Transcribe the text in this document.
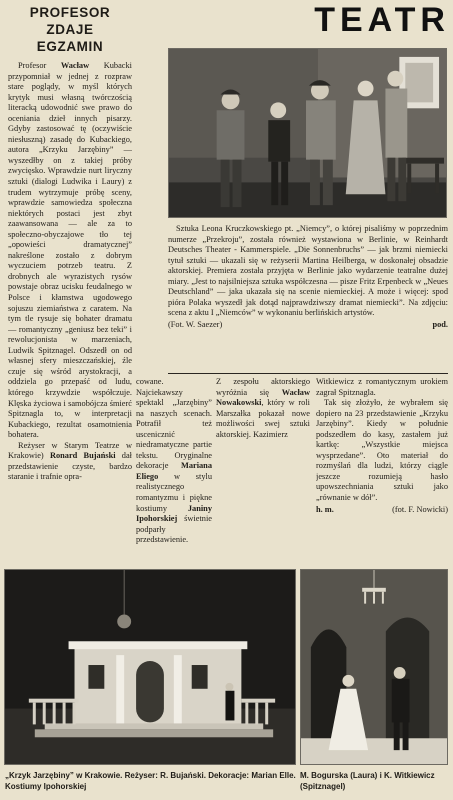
PROFESOR ZDAJE
EGZAMIN

Profesor Wacław Kubacki przypomniał w jednej z rozpraw stare poglądy, w myśl których krytyk musi własną twórczością literacką udowodnić swe prawo do oceniania dzieł innych pisarzy. Gdyby zastosować tę (oczywiście niesłuszną) zasadę do Kubackiego, autora „Krzyku Jarzębiny” — wyszedłby on z takiej próby zwycięsko. Wprawdzie nurt liryczny sztuki (dialogi Ludwika i Laury) z trudem wytrzymuje próbę sceny, wprawdzie samowiedza społeczna niektórych postaci jest zbyt zaawansowana — ale za to społeczno-obyczajowe tło tej „opowieści dramatycznej” nakreślone zostało z dobrym wyczuciem potrzeb teatru. Z drobnych ale wyrazistych rysów powstaje obraz ucisku feudalnego w Polsce i kłamstwa ugodowego sojuszu ziemiaństwa z caratem. Na tym tle rysuje się bohater dramatu — romantyczny „geniusz bez teki” i rewolucjonista w marzeniach, Ludwik Spitznagel. Odszedł on od własnej sfery mieszczańskiej, źle czuje się wśród arystokracji, a oddziela go przepaść od ludu, którego krzywdzie współczuje. Klęska życiowa i samobójcza śmierć Spitznagla to, w interpretacji Kubackiego, rezultat osamotnienia bohatera.

Reżyser w Starym Teatrze w Krakowie) Ronard Bujański dał przedstawienie czyste, bardzo staranie i trafnie opra-

TEATR

Sztuka Leona Kruczkowskiego pt. „Niemcy”, o której pisaliśmy w poprzednim numerze „Przekroju”, została również wystawiona w Berlinie, w Reinhardt Deutsches Theater - Kammerspiele. „Die Sonnenbruchs” — jak brzmi niemiecki tytuł sztuki — ukazali się w reżyserii Martina Heilberga, w doskonałej obsadzie aktorskiej. Premiera została przyjęta w Berlinie jako wydarzenie teatralne dużej miary. „Jest to najsilniejsza sztuka współczesna — pisze Fritz Erpenbeck w „Neues Deutschland” — jaka ukazała się na scenie niemieckiej. A może i więcej: spod pióra Polaka wyszedł jak dotąd najprawdziwszy dramat niemiecki”. Na zdjęciu: scena z aktu I „Niemców” w wykonaniu berlińskich artystów.

(Fot. W. Saezer)	pod.
cowane. Najciekawszy spektakl „Jarzębiny” na naszych scenach. Potrafił też uscenicznić niedramatyczne partie tekstu. Oryginalne dekoracje Mariana Eliego w stylu realistycznego romantyzmu i piękne kostiumy Janiny Ipohorskiej świetnie podparły przedstawienie.
Z zespołu aktorskiego wyróżnia się Wacław Nowakowski, który w roli Marszałka pokazał nowe możliwości swej sztuki aktorskiej. Kazimierz

Witkiewicz z romantycznym urokiem zagrał Spitznagla.

Tak się złożyło, że wybrałem się dopiero na 23 przedstawienie „Krzyku Jarzębiny”. Kiedy w południe podszedłem do kasy, zastałem już kartkę: „Wszystkie miejsca wysprzedane”. Oto materiał do rozmyślań dla ludzi, którzy ciągle jeszcze rozumieją hasło upowszechniania sztuki jako „równanie w dół”.

h. m.	(fot. F. Nowicki)
„Krzyk Jarzębiny” w Krakowie. Reżyser: R. Bujański. Dekoracje: Marian Elle. Kostiumy Ipohorskiej
M. Bogurska (Laura) i K. Witkiewicz (Spitznagel)
